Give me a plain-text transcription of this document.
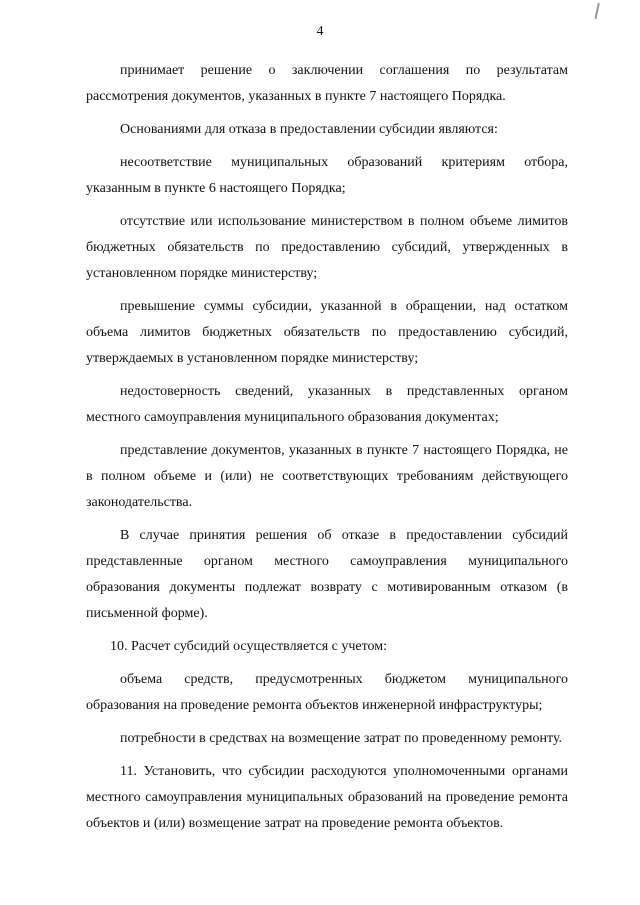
4

принимает решение о заключении соглашения по результатам рассмотрения документов, указанных в пункте 7 настоящего Порядка.

Основаниями для отказа в предоставлении субсидии являются:

несоответствие муниципальных образований критериям отбора, указанным в пункте 6 настоящего Порядка;

отсутствие или использование министерством в полном объеме лимитов бюджетных обязательств по предоставлению субсидий, утвержденных в установленном порядке министерству;

превышение суммы субсидии, указанной в обращении, над остатком объема лимитов бюджетных обязательств по предоставлению субсидий, утверждаемых в установленном порядке министерству;

недостоверность сведений, указанных в представленных органом местного самоуправления муниципального образования документах;

представление документов, указанных в пункте 7 настоящего Порядка, не в полном объеме и (или) не соответствующих требованиям действующего законодательства.

В случае принятия решения об отказе в предоставлении субсидий представленные органом местного самоуправления муниципального образования документы подлежат возврату с мотивированным отказом (в письменной форме).

10. Расчет субсидий осуществляется с учетом:

объема средств, предусмотренных бюджетом муниципального образования на проведение ремонта объектов инженерной инфраструктуры;

потребности в средствах на возмещение затрат по проведенному ремонту.

11. Установить, что субсидии расходуются уполномоченными органами местного самоуправления муниципальных образований на проведение ремонта объектов и (или) возмещение затрат на проведение ремонта объектов.
